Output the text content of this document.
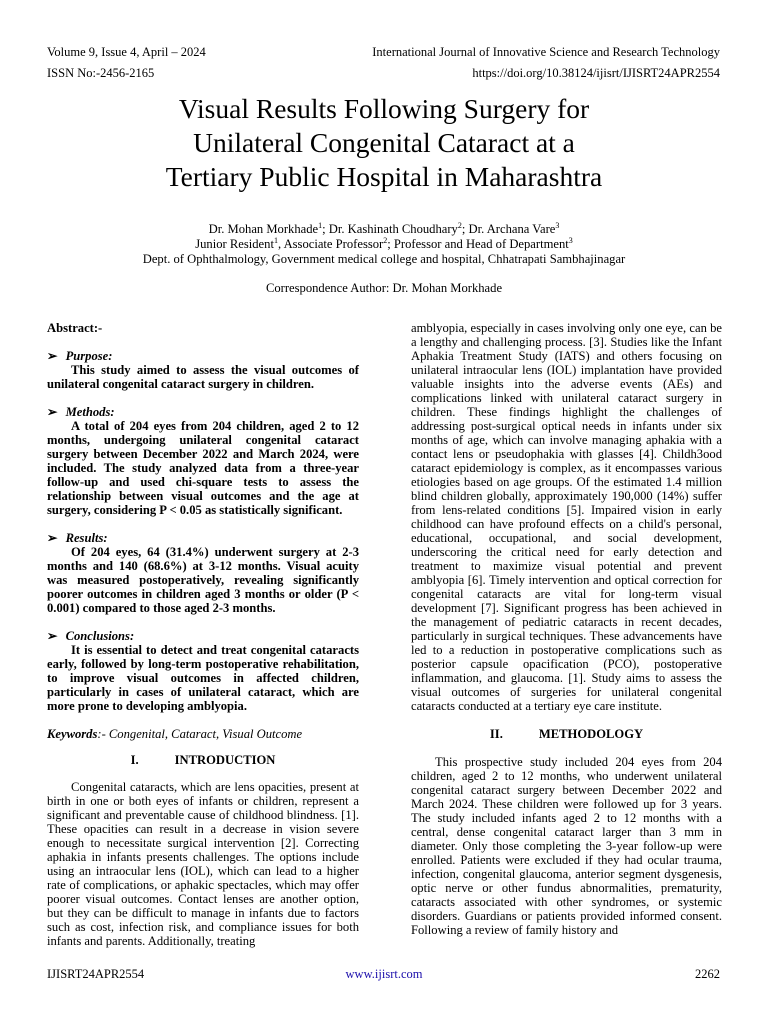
Volume 9, Issue 4, April – 2024	International Journal of Innovative Science and Research Technology
ISSN No:-2456-2165	https://doi.org/10.38124/ijisrt/IJISRT24APR2554
Visual Results Following Surgery for
Unilateral Congenital Cataract at a
Tertiary Public Hospital in Maharashtra
Dr. Mohan Morkhade$^1$; Dr. Kashinath Choudhary$^2$; Dr. Archana Vare$^3$
Junior Resident$^1$, Associate Professor$^2$; Professor and Head of Department$^3$
Dept. of Ophthalmology, Government medical college and hospital, Chhatrapati Sambhajinagar
Correspondence Author: Dr. Mohan Morkhade

Abstract:-

➢ Purpose:

This study aimed to assess the visual outcomes of unilateral congenital cataract surgery in children.

➢ Methods:

A total of 204 eyes from 204 children, aged 2 to 12 months, undergoing unilateral congenital cataract surgery between December 2022 and March 2024, were included. The study analyzed data from a three-year follow-up and used chi-square tests to assess the relationship between visual outcomes and the age at surgery, considering P < 0.05 as statistically significant.

➢ Results:

Of 204 eyes, 64 (31.4%) underwent surgery at 2-3 months and 140 (68.6%) at 3-12 months. Visual acuity was measured postoperatively, revealing significantly poorer outcomes in children aged 3 months or older (P < 0.001) compared to those aged 2-3 months.

➢ Conclusions:

It is essential to detect and treat congenital cataracts early, followed by long-term postoperative rehabilitation, to improve visual outcomes in affected children, particularly in cases of unilateral cataract, which are more prone to developing amblyopia.

Keywords:- Congenital, Cataract, Visual Outcome

I.	INTRODUCTION

Congenital cataracts, which are lens opacities, present at birth in one or both eyes of infants or children, represent a significant and preventable cause of childhood blindness. [1]. These opacities can result in a decrease in vision severe enough to necessitate surgical intervention [2]. Correcting aphakia in infants presents challenges. The options include using an intraocular lens (IOL), which can lead to a higher rate of complications, or aphakic spectacles, which may offer poorer visual outcomes. Contact lenses are another option, but they can be difficult to manage in infants due to factors such as cost, infection risk, and compliance issues for both infants and parents. Additionally, treating

amblyopia, especially in cases involving only one eye, can be a lengthy and challenging process. [3]. Studies like the Infant Aphakia Treatment Study (IATS) and others focusing on unilateral intraocular lens (IOL) implantation have provided valuable insights into the adverse events (AEs) and complications linked with unilateral cataract surgery in children. These findings highlight the challenges of addressing post-surgical optical needs in infants under six months of age, which can involve managing aphakia with a contact lens or pseudophakia with glasses [4]. Childh3ood cataract epidemiology is complex, as it encompasses various etiologies based on age groups. Of the estimated 1.4 million blind children globally, approximately 190,000 (14%) suffer from lens-related conditions [5]. Impaired vision in early childhood can have profound effects on a child's personal, educational, occupational, and social development, underscoring the critical need for early detection and treatment to maximize visual potential and prevent amblyopia [6]. Timely intervention and optical correction for congenital cataracts are vital for long-term visual development [7]. Significant progress has been achieved in the management of pediatric cataracts in recent decades, particularly in surgical techniques. These advancements have led to a reduction in postoperative complications such as posterior capsule opacification (PCO), postoperative inflammation, and glaucoma. [1]. Study aims to assess the visual outcomes of surgeries for unilateral congenital cataracts conducted at a tertiary eye care institute.

II.	METHODOLOGY

This prospective study included 204 eyes from 204 children, aged 2 to 12 months, who underwent unilateral congenital cataract surgery between December 2022 and March 2024. These children were followed up for 3 years. The study included infants aged 2 to 12 months with a central, dense congenital cataract larger than 3 mm in diameter. Only those completing the 3-year follow-up were enrolled. Patients were excluded if they had ocular trauma, infection, congenital glaucoma, anterior segment dysgenesis, optic nerve or other fundus abnormalities, prematurity, cataracts associated with other syndromes, or systemic disorders. Guardians or patients provided informed consent. Following a review of family history and

IJISRT24APR2554	www.ijisrt.com	2262
